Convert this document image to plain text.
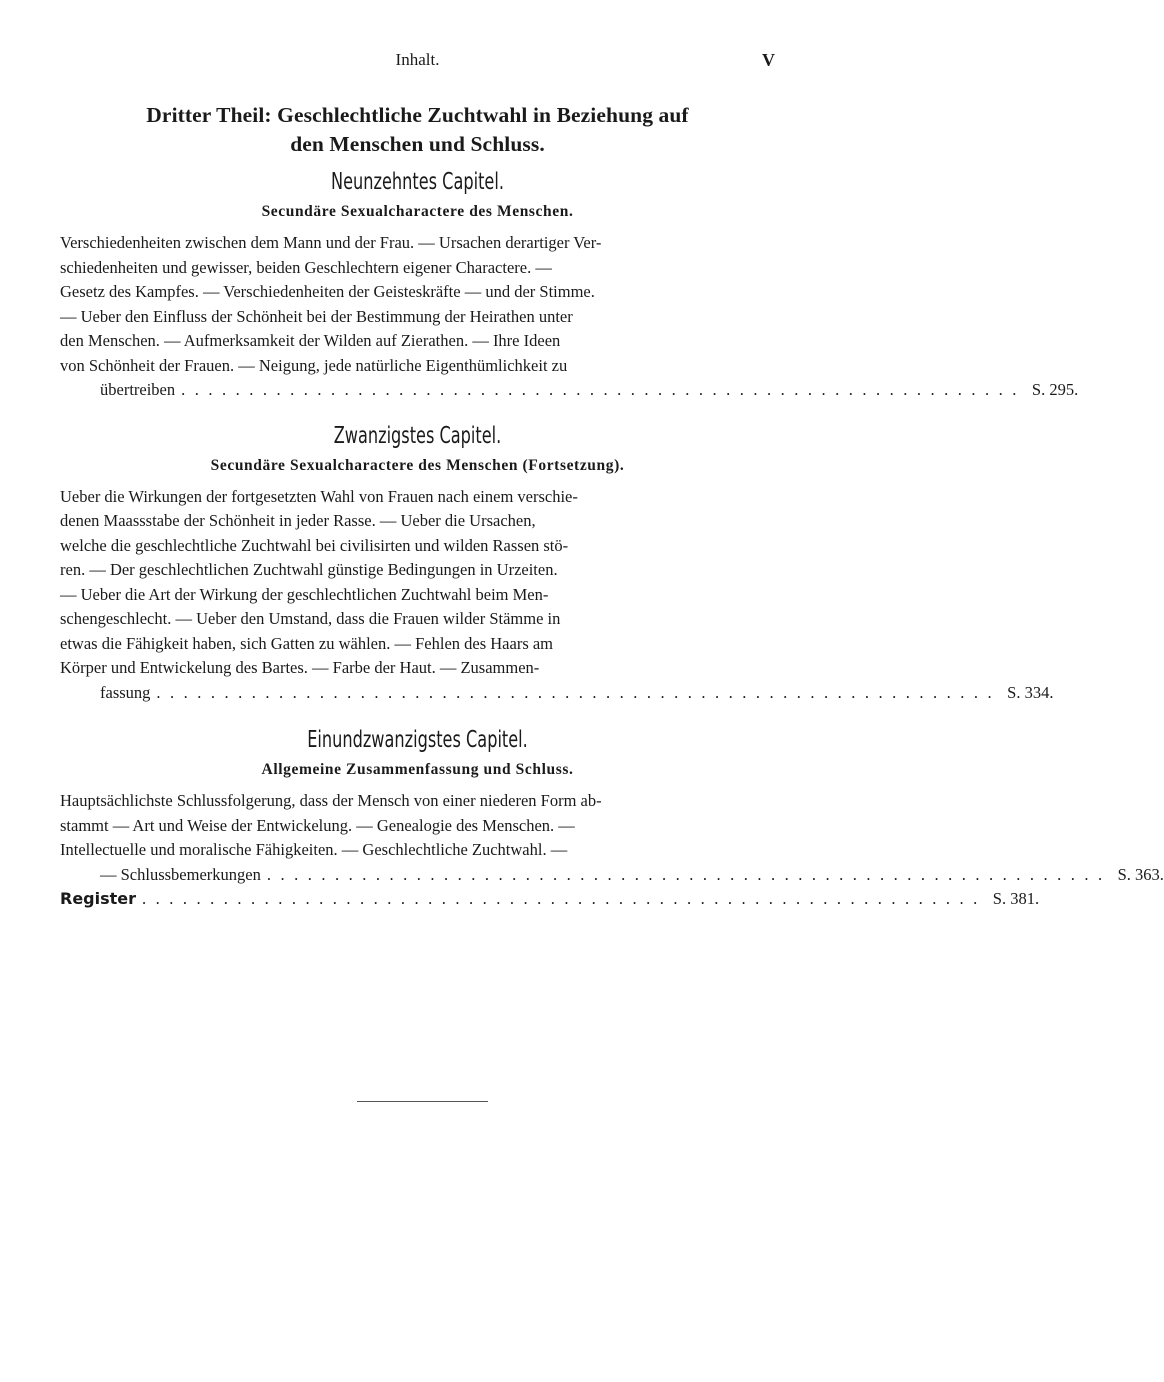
Inhalt.	V
Dritter Theil: Geschlechtliche Zuchtwahl in Beziehung auf
den Menschen und Schluss.
Neunzehntes Capitel.
Secundäre Sexualcharactere des Menschen.
Verschiedenheiten zwischen dem Mann und der Frau. — Ursachen derartiger Ver-
schiedenheiten und gewisser, beiden Geschlechtern eigener Charactere. —
Gesetz des Kampfes. — Verschiedenheiten der Geisteskräfte — und der Stimme.
— Ueber den Einfluss der Schönheit bei der Bestimmung der Heirathen unter
den Menschen. — Aufmerksamkeit der Wilden auf Zierathen. — Ihre Ideen
von Schönheit der Frauen. — Neigung, jede natürliche Eigenthümlichkeit zu
übertreiben .............................................................. S. 295.
Zwanzigstes Capitel.
Secundäre Sexualcharactere des Menschen (Fortsetzung).
Ueber die Wirkungen der fortgesetzten Wahl von Frauen nach einem verschie-
denen Maassstabe der Schönheit in jeder Rasse. — Ueber die Ursachen,
welche die geschlechtliche Zuchtwahl bei civilisirten und wilden Rassen stö-
ren. — Der geschlechtlichen Zuchtwahl günstige Bedingungen in Urzeiten.
— Ueber die Art der Wirkung der geschlechtlichen Zuchtwahl beim Men-
schengeschlecht. — Ueber den Umstand, dass die Frauen wilder Stämme in
etwas die Fähigkeit haben, sich Gatten zu wählen. — Fehlen des Haars am
Körper und Entwickelung des Bartes. — Farbe der Haut. — Zusammen-
fassung .............................................................. S. 334.
Einundzwanzigstes Capitel.
Allgemeine Zusammenfassung und Schluss.
Hauptsächlichste Schlussfolgerung, dass der Mensch von einer niederen Form ab-
stammt — Art und Weise der Entwickelung. — Genealogie des Menschen. —
Intellectuelle und moralische Fähigkeiten. — Geschlechtliche Zuchtwahl. —
— Schlussbemerkungen .............................................................. S. 363.
Register .............................................................. S. 381.
